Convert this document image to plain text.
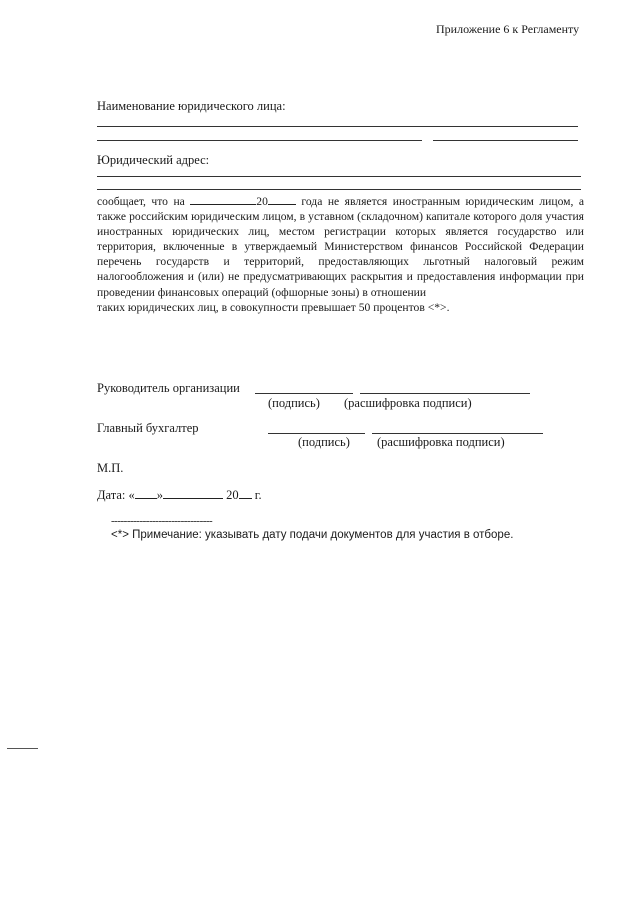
Приложение 6 к Регламенту
Наименование юридического лица:
Юридический адрес:
сообщает, что на	20	года не является иностранным юридическим лицом, а также российским юридическим лицом, в уставном (складочном) капитале которого доля участия иностранных юридических лиц, местом регистрации которых является государство или территория, включенные в утверждаемый Министерством финансов Российской Федерации перечень государств и территорий, предоставляющих льготный налоговый режим налогообложения и (или) не предусматривающих раскрытия и предоставления информации при проведении финансовых операций (офшорные зоны) в отношении
таких юридических лиц, в совокупности превышает 50 процентов <*>.
Руководитель организации
(подпись) (расшифровка подписи)
Главный бухгалтер
(подпись) (расшифровка подписи)
М.П.
Дата: « »	20 г.
--------------------------------
<*> Примечание: указывать дату подачи документов для участия в отборе.
